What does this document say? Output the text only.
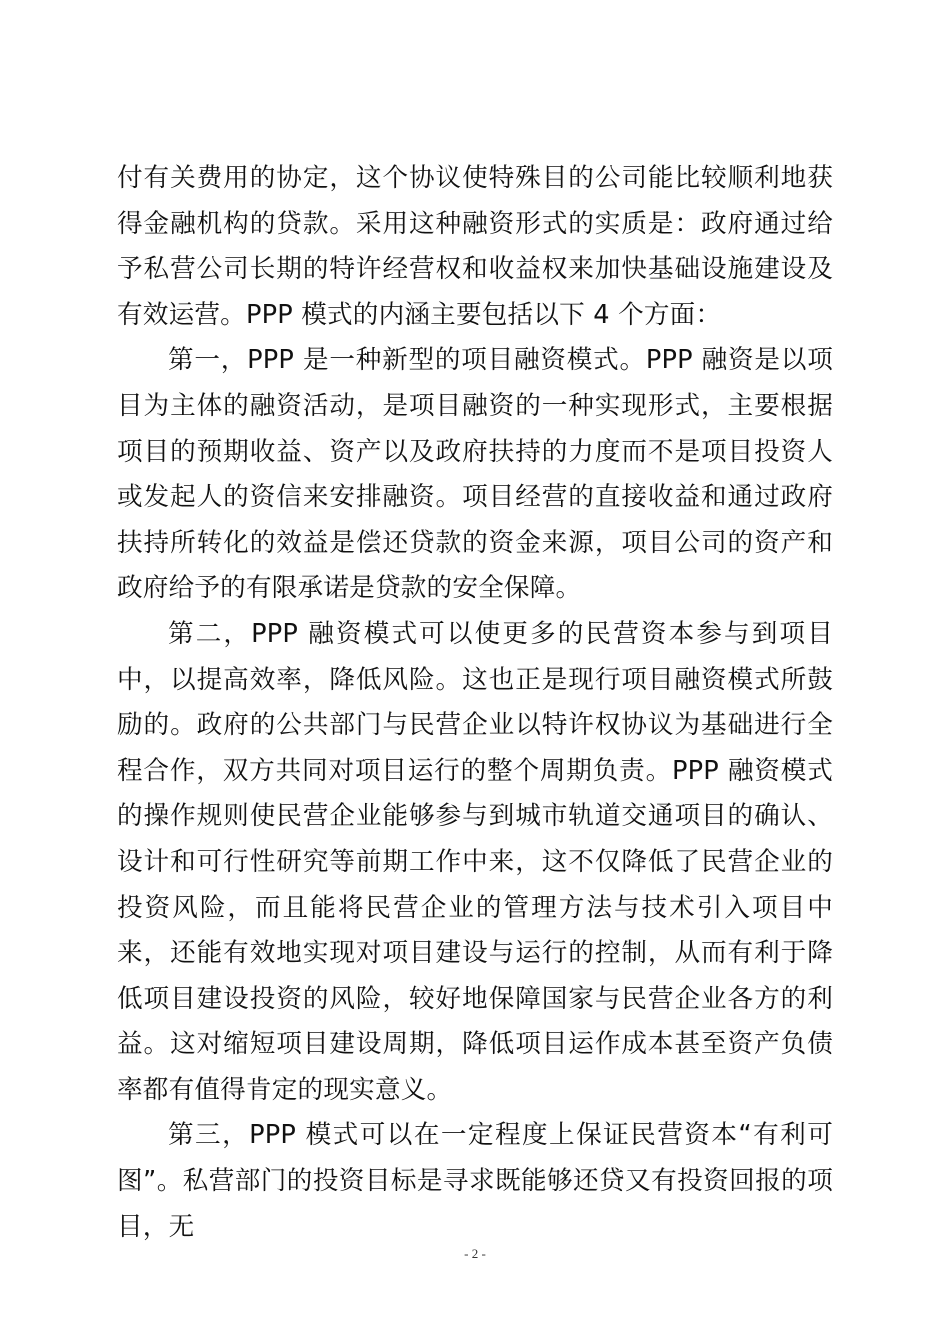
付有关费用的协定，这个协议使特殊目的公司能比较顺利地获得金融机构的贷款。采用这种融资形式的实质是：政府通过给予私营公司长期的特许经营权和收益权来加快基础设施建设及有效运营。PPP 模式的内涵主要包括以下 4 个方面：

第一，PPP 是一种新型的项目融资模式。PPP 融资是以项目为主体的融资活动，是项目融资的一种实现形式，主要根据项目的预期收益、资产以及政府扶持的力度而不是项目投资人或发起人的资信来安排融资。项目经营的直接收益和通过政府扶持所转化的效益是偿还贷款的资金来源，项目公司的资产和政府给予的有限承诺是贷款的安全保障。

第二，PPP 融资模式可以使更多的民营资本参与到项目中，以提高效率，降低风险。这也正是现行项目融资模式所鼓励的。政府的公共部门与民营企业以特许权协议为基础进行全程合作，双方共同对项目运行的整个周期负责。PPP 融资模式的操作规则使民营企业能够参与到城市轨道交通项目的确认、设计和可行性研究等前期工作中来，这不仅降低了民营企业的投资风险，而且能将民营企业的管理方法与技术引入项目中来，还能有效地实现对项目建设与运行的控制，从而有利于降低项目建设投资的风险，较好地保障国家与民营企业各方的利益。这对缩短项目建设周期，降低项目运作成本甚至资产负债率都有值得肯定的现实意义。

第三，PPP 模式可以在一定程度上保证民营资本“有利可图”。私营部门的投资目标是寻求既能够还贷又有投资回报的项目，无

- 2 -
